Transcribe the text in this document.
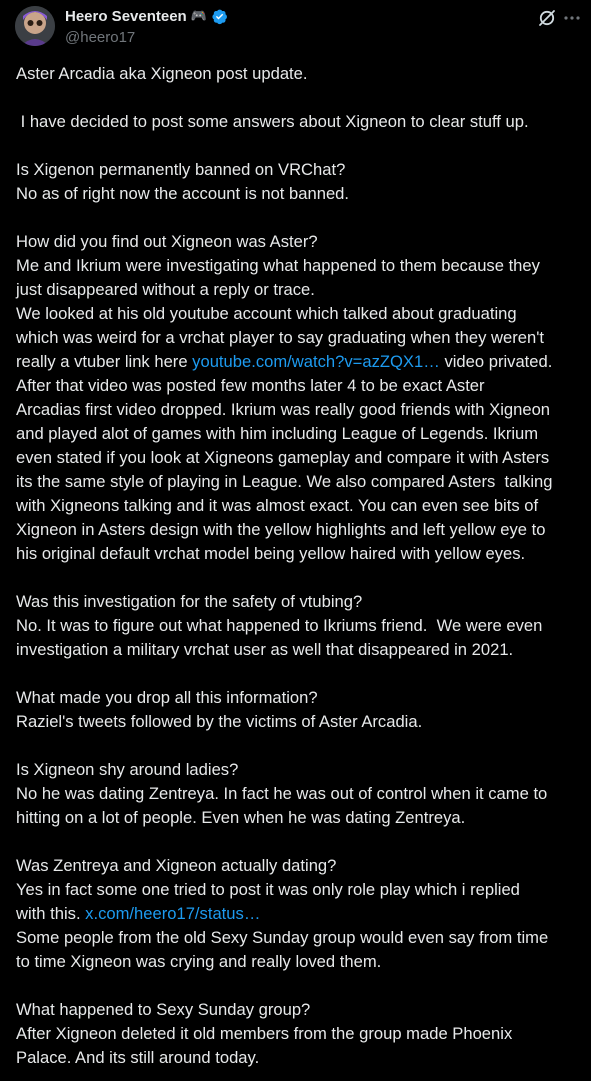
Heero Seventeen 🎮
@heero17
Aster Arcadia aka Xigneon post update.
I have decided to post some answers about Xigneon to clear stuff up.
Is Xigenon permanently banned on VRChat?
No as of right now the account is not banned.
How did you find out Xigneon was Aster?
Me and Ikrium were investigating what happened to them because they
just disappeared without a reply or trace.
We looked at his old youtube account which talked about graduating
which was weird for a vrchat player to say graduating when they weren't
really a vtuber link here youtube.com/watch?v=azZQX1… video privated.
After that video was posted few months later 4 to be exact Aster
Arcadias first video dropped. Ikrium was really good friends with Xigneon
and played alot of games with him including League of Legends. Ikrium
even stated if you look at Xigneons gameplay and compare it with Asters
its the same style of playing in League. We also compared Asters  talking
with Xigneons talking and it was almost exact. You can even see bits of
Xigneon in Asters design with the yellow highlights and left yellow eye to
his original default vrchat model being yellow haired with yellow eyes.
Was this investigation for the safety of vtubing?
No. It was to figure out what happened to Ikriums friend.  We were even
investigation a military vrchat user as well that disappeared in 2021.
What made you drop all this information?
Raziel's tweets followed by the victims of Aster Arcadia.
Is Xigneon shy around ladies?
No he was dating Zentreya. In fact he was out of control when it came to
hitting on a lot of people. Even when he was dating Zentreya.
Was Zentreya and Xigneon actually dating?
Yes in fact some one tried to post it was only role play which i replied
with this. x.com/heero17/status…
Some people from the old Sexy Sunday group would even say from time
to time Xigneon was crying and really loved them.
What happened to Sexy Sunday group?
After Xigneon deleted it old members from the group made Phoenix
Palace. And its still around today.
